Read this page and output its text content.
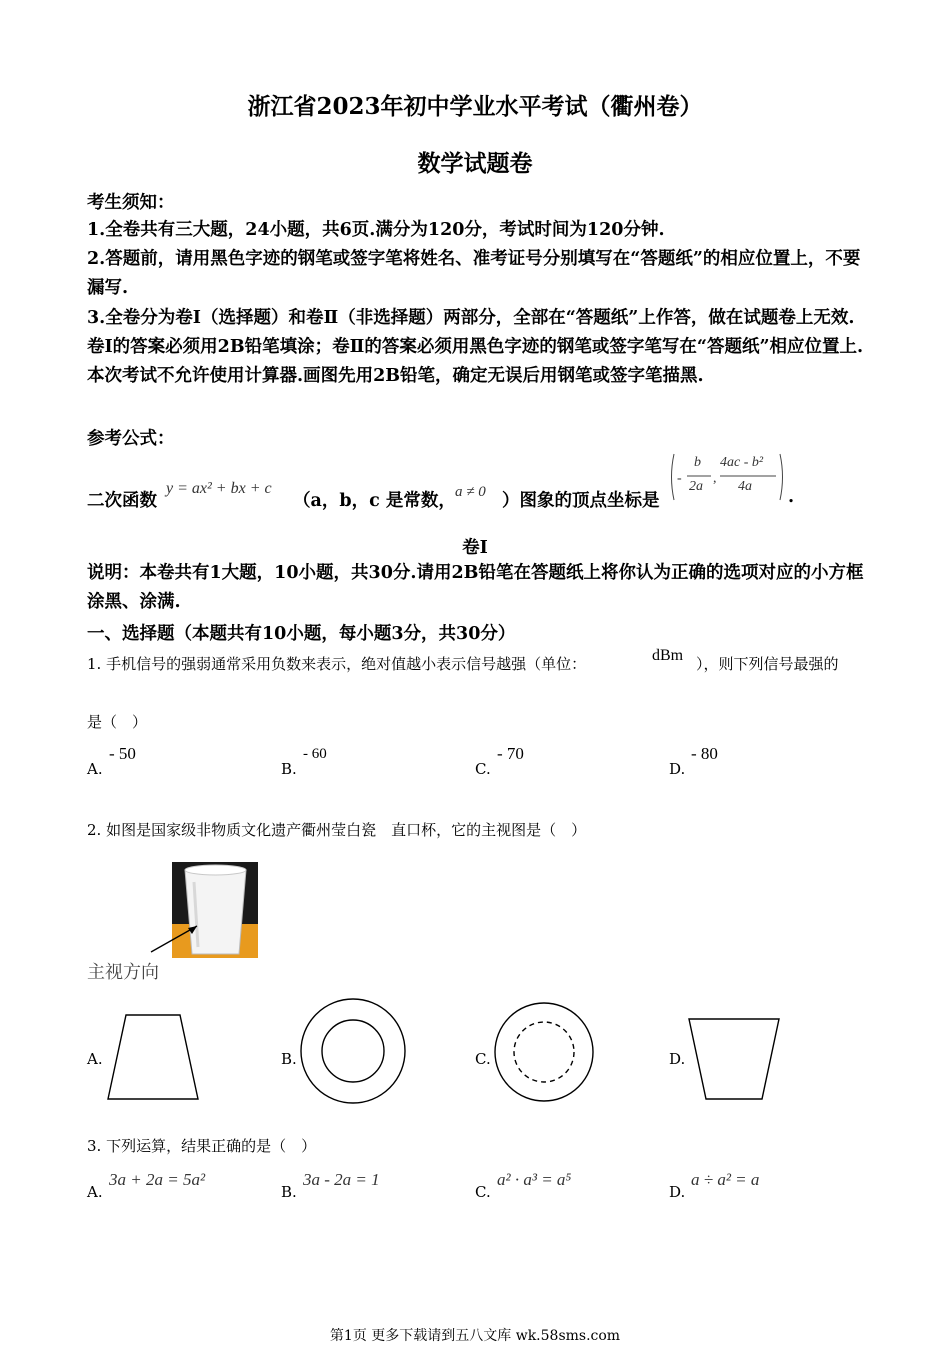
浙江省2023年初中学业水平考试（衢州卷）
数学试题卷
考生须知：
1.全卷共有三大题，24小题，共6页.满分为120分，考试时间为120分钟.
2.答题前，请用黑色字迹的钢笔或签字笔将姓名、准考证号分别填写在“答题纸”的相应位置上，不要漏写.
3.全卷分为卷Ⅰ（选择题）和卷Ⅱ（非选择题）两部分，全部在“答题纸”上作答，做在试题卷上无效.卷Ⅰ的答案必须用2B铅笔填涂；卷Ⅱ的答案必须用黑色字迹的钢笔或签字笔写在“答题纸”相应位置上.本次考试不允许使用计算器.画图先用2B铅笔，确定无误后用钢笔或签字笔描黑.
参考公式：
二次函数
y = ax² + bx + c
（a，b，c 是常数， a ≠ 0 ）图象的顶点坐标是
- ,
b
2a
4ac - b²
4a
.
卷Ⅰ
说明：本卷共有1大题，10小题，共30分.请用2B铅笔在答题纸上将你认为正确的选项对应的小方框涂黑、涂满.
一、选择题（本题共有10小题，每小题3分，共30分）
1. 手机信号的强弱通常采用负数来表示，绝对值越小表示信号越强（单位：	dBm ），则下列信号最强的
是（　）
A.
- 50
B.
- 60
C.
- 70
D.
- 80
2. 如图是国家级非物质文化遗产衢州莹白瓷　直口杯，它的主视图是（　）
主视方向
A.	B.	C.	D.
3. 下列运算，结果正确的是（　）
A.
3a + 2a = 5a²
B.
3a - 2a = 1
C.
a² · a³ = a⁵
D.
a ÷ a² = a
第1页 更多下载请到五八文库 wk.58sms.com
